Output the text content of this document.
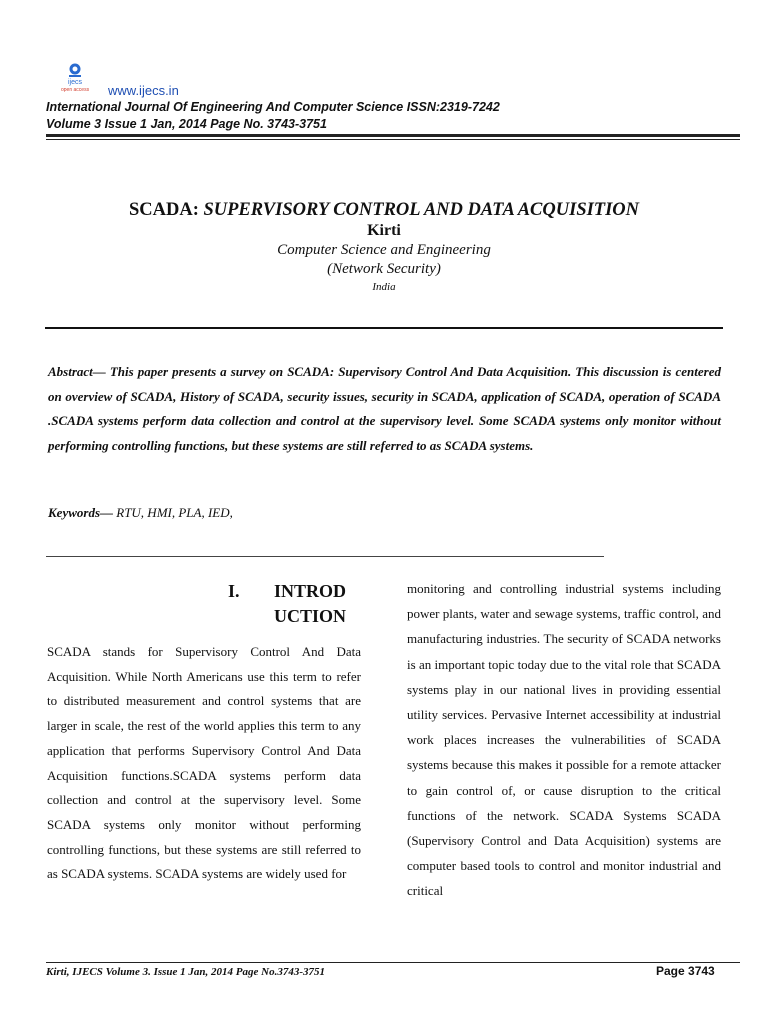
ijecs
open access www.ijecs.in
International Journal Of Engineering And Computer Science ISSN:2319-7242
Volume 3 Issue 1 Jan, 2014 Page No. 3743-3751
SCADA: SUPERVISORY CONTROL AND DATA ACQUISITION
Kirti
Computer Science and Engineering
(Network Security)
India
Abstract— This paper presents a survey on SCADA: Supervisory Control And Data Acquisition. This discussion is centered on overview of SCADA, History of SCADA, security issues, security in SCADA, application of SCADA, operation of SCADA .SCADA systems perform data collection and control at the supervisory level. Some SCADA systems only monitor without performing controlling functions, but these systems are still referred to as SCADA systems.
Keywords— RTU, HMI, PLA, IED,
I. INTROD
UCTION
SCADA stands for Supervisory Control And Data Acquisition. While North Americans use this term to refer to distributed measurement and control systems that are larger in scale, the rest of the world applies this term to any application that performs Supervisory Control And Data Acquisition functions.SCADA systems perform data collection and control at the supervisory level. Some SCADA systems only monitor without performing controlling functions, but these systems are still referred to as SCADA systems. SCADA systems are widely used for
monitoring and controlling industrial systems including power plants, water and sewage systems, traffic control, and manufacturing industries. The security of SCADA networks is an important topic today due to the vital role that SCADA systems play in our national lives in providing essential utility services. Pervasive Internet accessibility at industrial work places increases the vulnerabilities of SCADA systems because this makes it possible for a remote attacker to gain control of, or cause disruption to the critical functions of the network. SCADA Systems SCADA (Supervisory Control and Data Acquisition) systems are computer based tools to control and monitor industrial and critical
Kirti, IJECS Volume 3. Issue 1 Jan, 2014 Page No.3743-3751	Page 3743
